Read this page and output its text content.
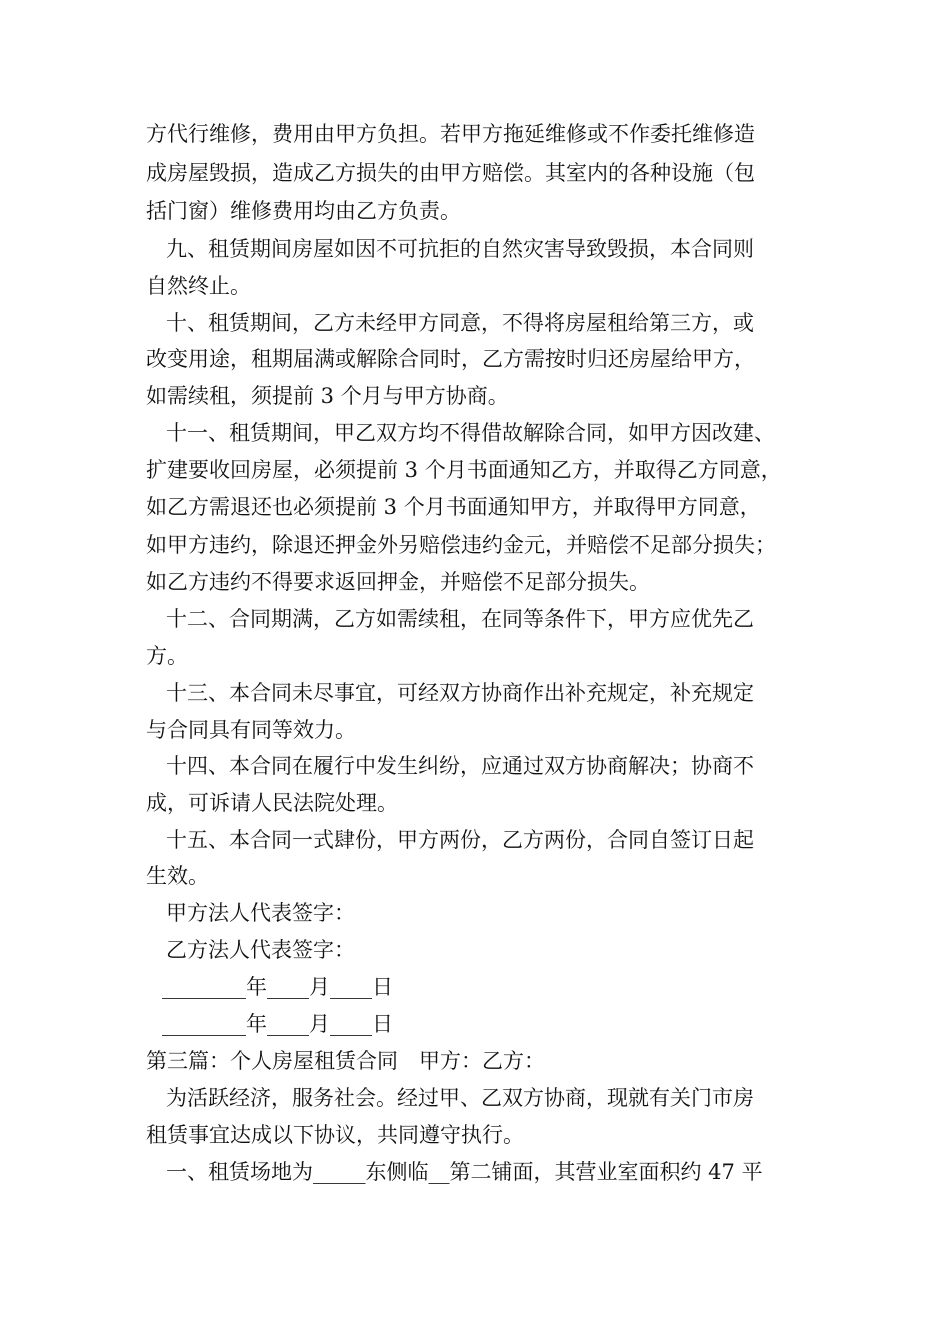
方代行维修，费用由甲方负担。若甲方拖延维修或不作委托维修造
成房屋毁损，造成乙方损失的由甲方赔偿。其室内的各种设施（包
括门窗）维修费用均由乙方负责。
九、租赁期间房屋如因不可抗拒的自然灾害导致毁损，本合同则
自然终止。
十、租赁期间，乙方未经甲方同意，不得将房屋租给第三方，或
改变用途，租期届满或解除合同时，乙方需按时归还房屋给甲方，
如需续租，须提前 3 个月与甲方协商。
十一、租赁期间，甲乙双方均不得借故解除合同，如甲方因改建、
扩建要收回房屋，必须提前 3 个月书面通知乙方，并取得乙方同意，
如乙方需退还也必须提前 3 个月书面通知甲方，并取得甲方同意，
如甲方违约，除退还押金外另赔偿违约金元，并赔偿不足部分损失；
如乙方违约不得要求返回押金，并赔偿不足部分损失。
十二、合同期满，乙方如需续租，在同等条件下，甲方应优先乙
方。
十三、本合同未尽事宜，可经双方协商作出补充规定，补充规定
与合同具有同等效力。
十四、本合同在履行中发生纠纷，应通过双方协商解决；协商不
成，可诉请人民法院处理。
十五、本合同一式肆份，甲方两份，乙方两份，合同自签订日起
生效。
甲方法人代表签字：
乙方法人代表签字：
________年____月____日
________年____月____日
第三篇：个人房屋租赁合同　甲方：乙方：
为活跃经济，服务社会。经过甲、乙双方协商，现就有关门市房
租赁事宜达成以下协议，共同遵守执行。
一、租赁场地为_____东侧临__第二铺面，其营业室面积约 47 平
